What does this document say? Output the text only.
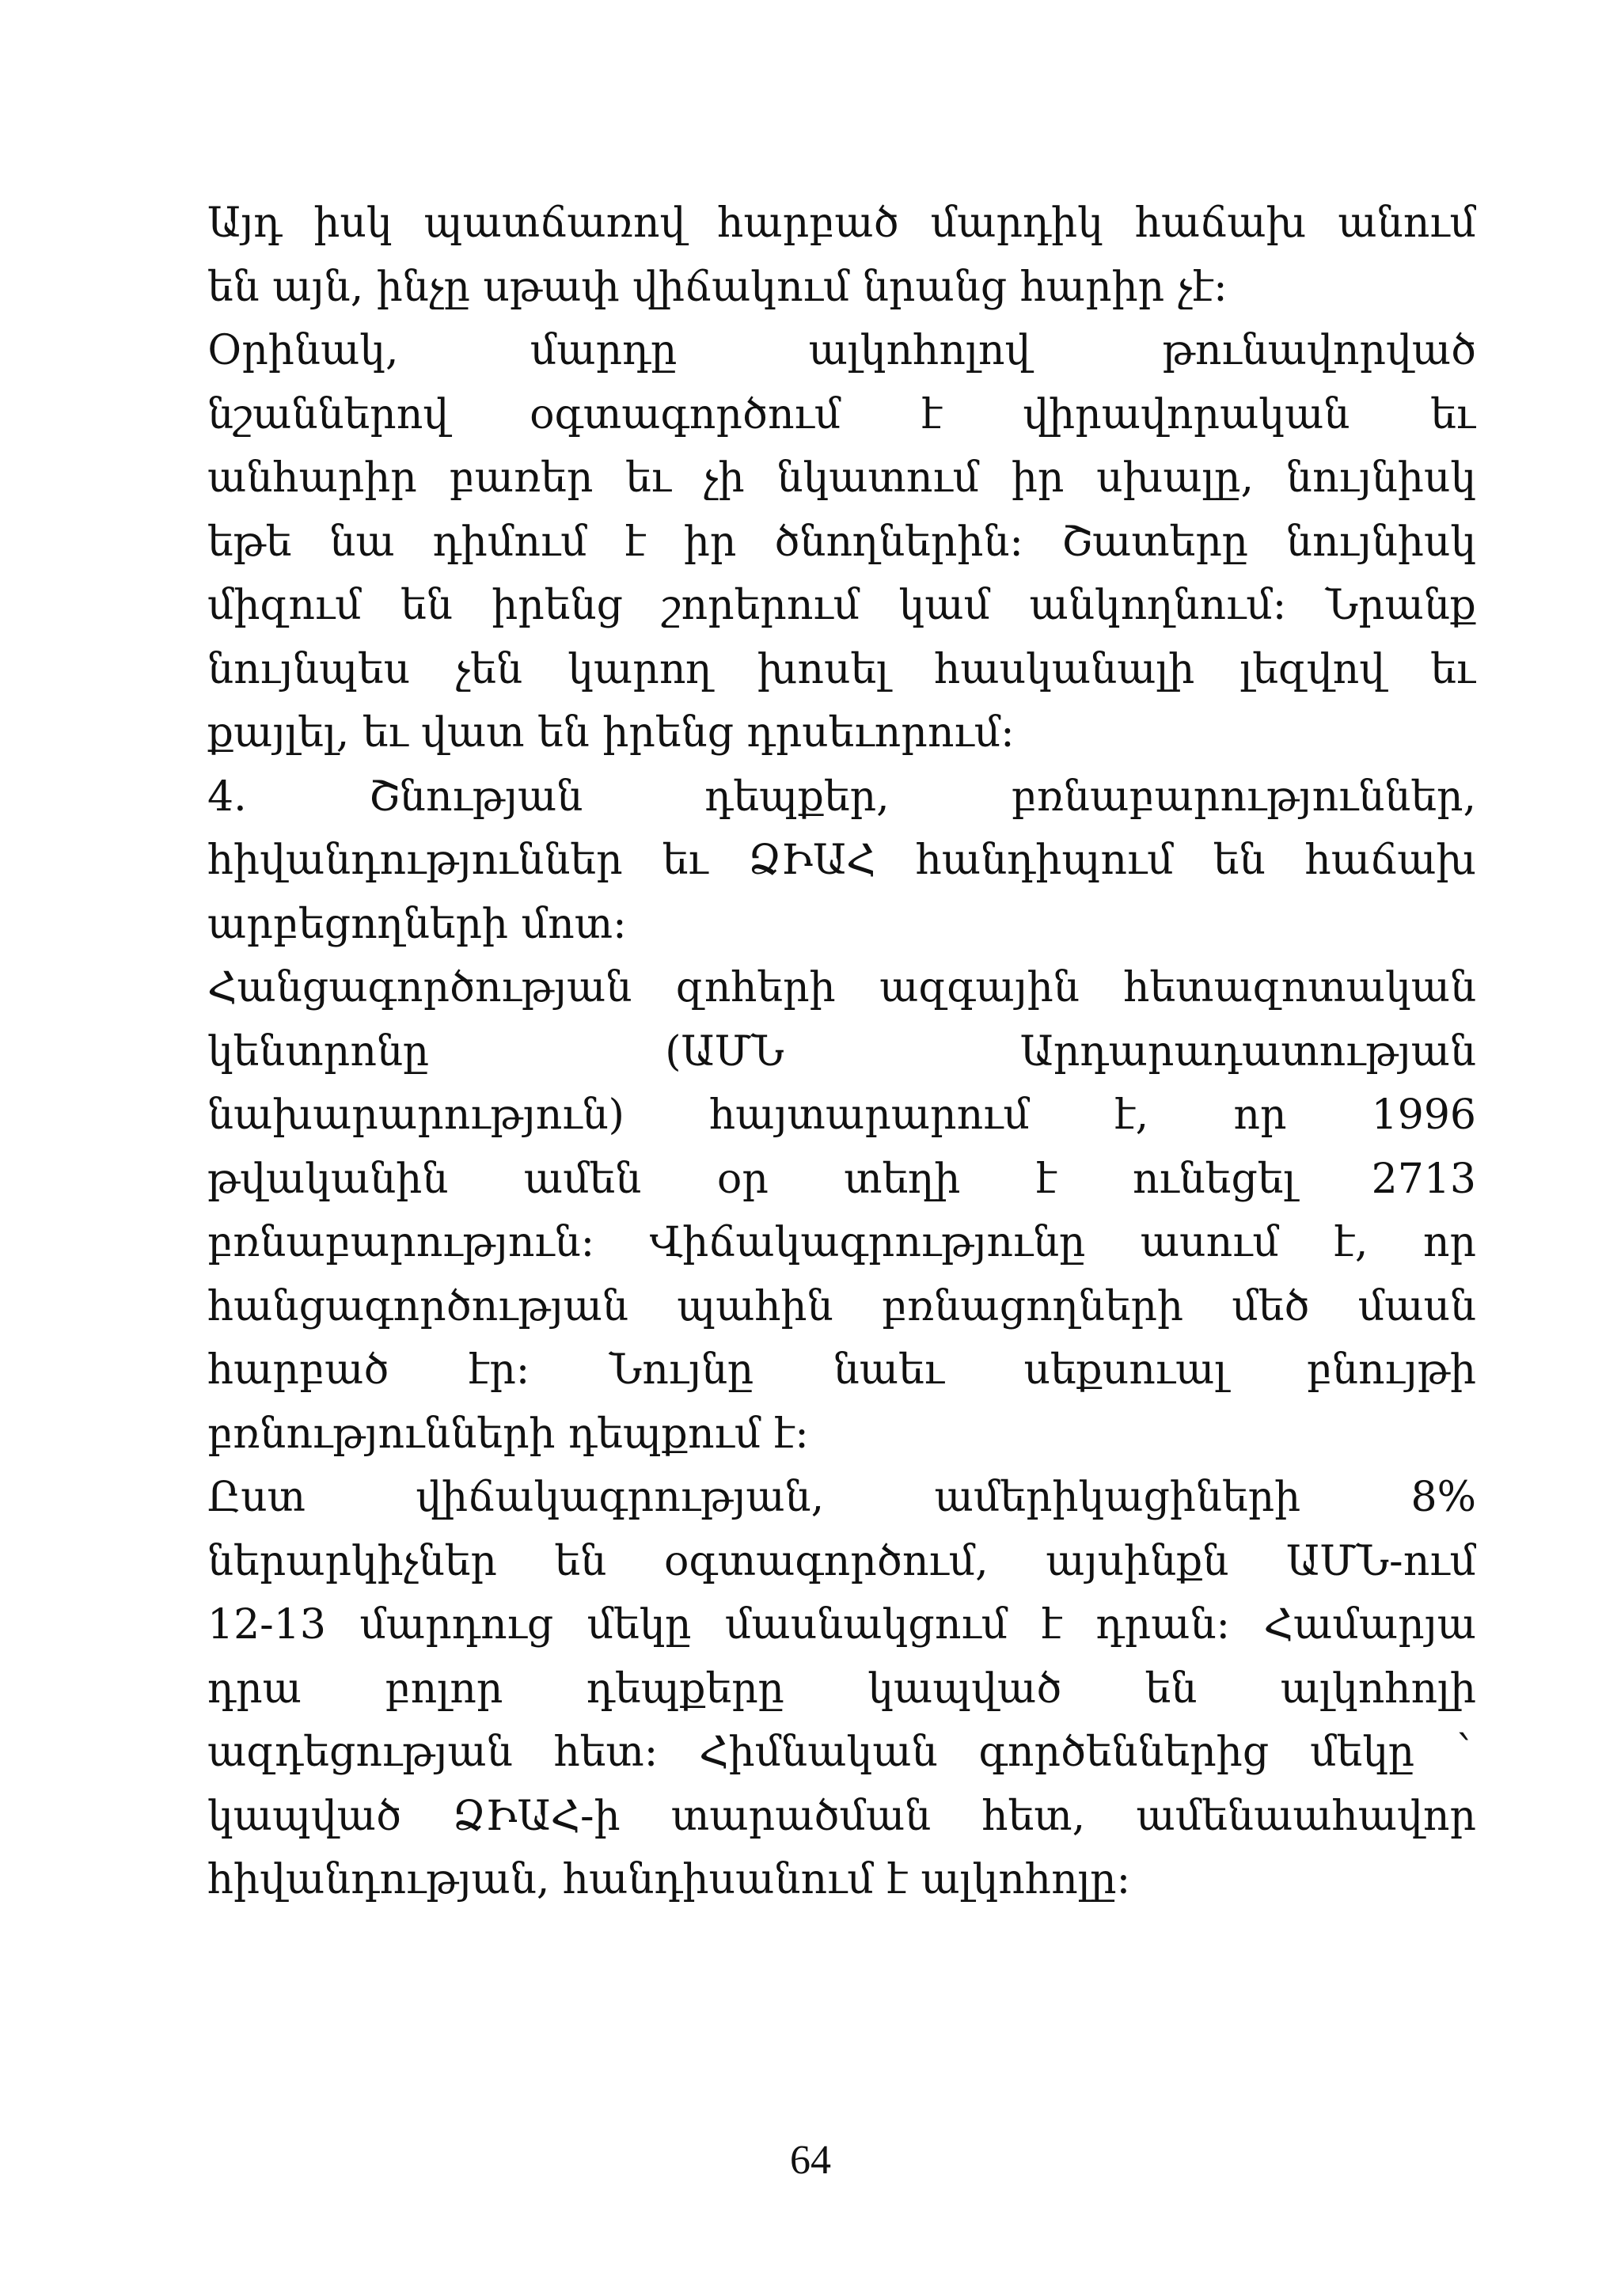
Այդ իսկ պատճառով հարբած մարդիկ հաճախ անում
են այն, ինչը սթափ վիճակում նրանց հարիր չէ:
Օրինակ, մարդը ալկոհոլով թունավորված
նշաններով օգտագործում է վիրավորական եւ
անհարիր բառեր եւ չի նկատում իր սխալը, նույնիսկ
եթե նա դիմում է իր ծնողներին: Շատերը նույնիսկ
միզում են իրենց շորերում կամ անկողնում: Նրանք
նույնպես չեն կարող խոսել հասկանալի լեզվով եւ
քայլել, եւ վատ են իրենց դրսեւորում:
4. Շնության դեպքեր, բռնաբարություններ,
հիվանդություններ եւ ՁԻԱՀ հանդիպում են հաճախ
արբեցողների մոտ:
Հանցագործության զոհերի ազգային հետազոտական
կենտրոնը (ԱՄՆ Արդարադատության
նախարարություն) հայտարարում է, որ 1996
թվականին ամեն օր տեղի է ունեցել 2713
բռնաբարություն: Վիճակագրությունը ասում է, որ
հանցագործության պահին բռնացողների մեծ մասն
հարբած էր: Նույնը նաեւ սեքսուալ բնույթի
բռնությունների դեպքում է:
Ըստ վիճակագրության, ամերիկացիների 8%
ներարկիչներ են օգտագործում, այսինքն ԱՄՆ-ում
12-13 մարդուց մեկը մասնակցում է դրան: Համարյա
դրա բոլոր դեպքերը կապված են ալկոհոլի
ազդեցության հետ: Հիմնական գործեններից մեկը `
կապված ՁԻԱՀ-ի տարածման հետ, ամենաահավոր
հիվանդության, հանդիսանում է ալկոհոլը:
64
